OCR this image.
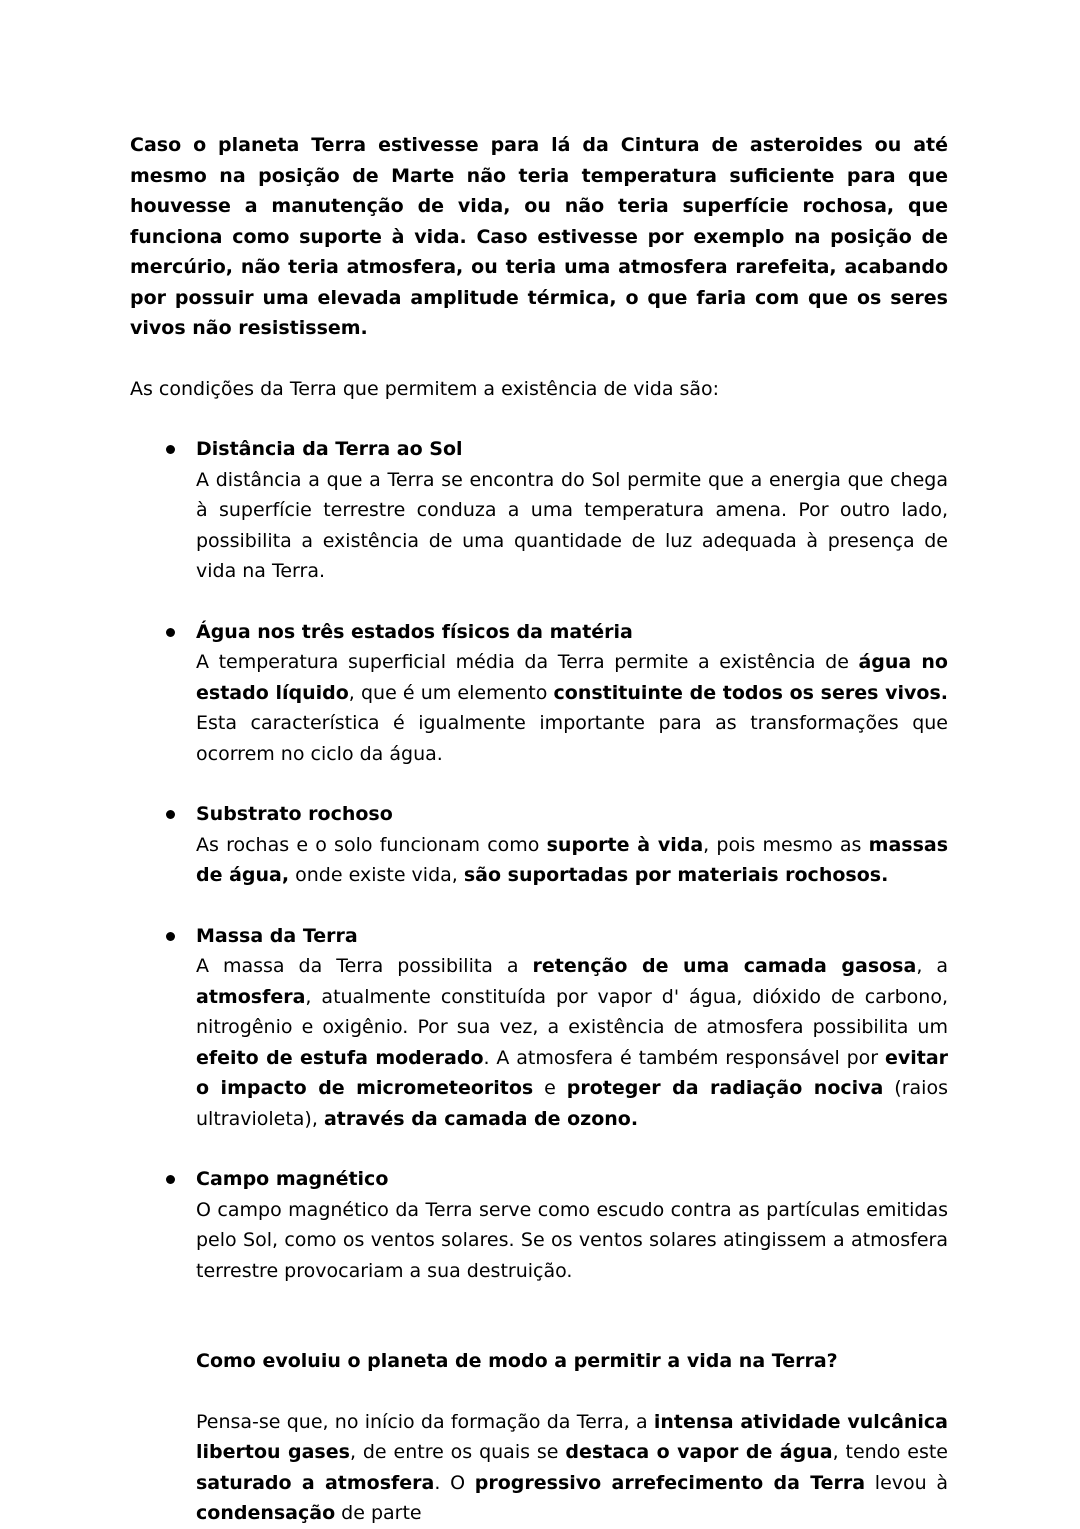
Caso o planeta Terra estivesse para lá da Cintura de asteroides ou até mesmo na posição de Marte não teria temperatura suficiente para que houvesse a manutenção de vida, ou não teria superfície rochosa, que funciona como suporte à vida. Caso estivesse por exemplo na posição de mercúrio, não teria atmosfera, ou teria uma atmosfera rarefeita, acabando por possuir uma elevada amplitude térmica, o que faria com que os seres vivos não resistissem.

As condições da Terra que permitem a existência de vida são:

Distância da Terra ao Sol

A distância a que a Terra se encontra do Sol permite que a energia que chega à superfície terrestre conduza a uma temperatura amena. Por outro lado, possibilita a existência de uma quantidade de luz adequada à presença de vida na Terra.

Água nos três estados físicos da matéria

A temperatura superficial média da Terra permite a existência de água no estado líquido, que é um elemento constituinte de todos os seres vivos. Esta característica é igualmente importante para as transformações que ocorrem no ciclo da água.

Substrato rochoso

As rochas e o solo funcionam como suporte à vida, pois mesmo as massas de água, onde existe vida, são suportadas por materiais rochosos.

Massa da Terra

A massa da Terra possibilita a retenção de uma camada gasosa, a atmosfera, atualmente constituída por vapor d' água, dióxido de carbono, nitrogênio e oxigênio. Por sua vez, a existência de atmosfera possibilita um efeito de estufa moderado. A atmosfera é também responsável por evitar o impacto de micrometeoritos e proteger da radiação nociva (raios ultravioleta), através da camada de ozono.

Campo magnético

O campo magnético da Terra serve como escudo contra as partículas emitidas pelo Sol, como os ventos solares. Se os ventos solares atingissem a atmosfera terrestre provocariam a sua destruição.

Como evoluiu o planeta de modo a permitir a vida na Terra?

Pensa-se que, no início da formação da Terra, a intensa atividade vulcânica libertou gases, de entre os quais se destaca o vapor de água, tendo este saturado a atmosfera. O progressivo arrefecimento da Terra levou à condensação de parte
